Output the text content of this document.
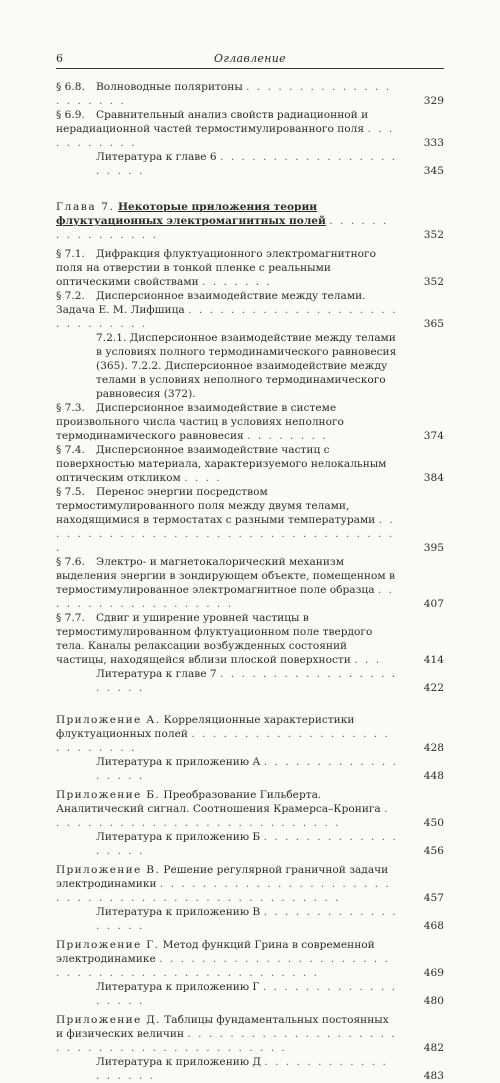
6	Оглавление
§ 6.8. Волноводные поляритоны . . . . . . . . . . . . . . . . . . . . .	329
§ 6.9. Сравнительный анализ свойств радиационной и нерадиационной частей термостимулированного поля . . . . . . . . . . .	333
Литература к главе 6 . . . . . . . . . . . . . . . . . . . . . .	345
Глава 7. Некоторые приложения теории флуктуационных электромагнитных полей . . . . . . . . . . . . . . . .	352
§ 7.1. Дифракция флуктуационного электромагнитного поля на отверстии в тонкой пленке с реальными оптическими свойствами . . . . . . .	352
§ 7.2. Дисперсионное взаимодействие между телами. Задача Е. М. Лифшица . . . . . . . . . . . . . . . . . . . . . . . . . . . . .	365
7.2.1. Дисперсионное взаимодействие между телами в условиях полного термодинамического равновесия (365). 7.2.2. Дисперсионное взаимодействие между телами в условиях неполного термодинамического равновесия (372).
§ 7.3. Дисперсионное взаимодействие в системе произвольного числа частиц в условиях неполного термодинамического равновесия . . . . . . . .	374
§ 7.4. Дисперсионное взаимодействие частиц с поверхностью материала, характеризуемого нелокальным оптическим откликом . . . .	384
§ 7.5. Перенос энергии посредством термостимулированного поля между двумя телами, находящимися в термостатах с разными температурами . . . . . . . . . . . . . . . . . . . . . . . . . . . . . . . . . . .	395
§ 7.6. Электро- и магнетокалорический механизм выделения энергии в зондирующем объекте, помещенном в термостимулированное электромагнитное поле образца . . . . . . . . . . . . . . . . . . .	407
§ 7.7. Сдвиг и уширение уровней частицы в термостимулированном флуктуационном поле твердого тела. Каналы релаксации возбужденных состояний частицы, находящейся вблизи плоской поверхности . . .	414
Литература к главе 7 . . . . . . . . . . . . . . . . . . . . . .	422
Приложение А. Корреляционные характеристики флуктуационных полей . . . . . . . . . . . . . . . . . . . . . . . . . . .	428
Литература к приложению А . . . . . . . . . . . . . . . . . .	448
Приложение Б. Преобразование Гильберта. Аналитический сигнал. Соотношения Крамерса–Кронига . . . . . . . . . . . . . . . . . . . . . . . . . . . .	450
Литература к приложению Б . . . . . . . . . . . . . . . . . .	456
Приложение В. Решение регулярной граничной задачи электродинамики . . . . . . . . . . . . . . . . . . . . . . . . . . . . . . . . . . . . . . . . . . . . . . . . .	457
Литература к приложению В . . . . . . . . . . . . . . . . . .	468
Приложение Г. Метод функций Грина в современной электродинамике . . . . . . . . . . . . . . . . . . . . . . . . . . . . . . . . . . . . . . . . . . . . . . .	469
Литература к приложению Г . . . . . . . . . . . . . . . . . .	480
Приложение Д. Таблицы фундаментальных постоянных и физических величин . . . . . . . . . . . . . . . . . . . . . . . . . . . . . . . . . . . . . . . . . .	482
Литература к приложению Д . . . . . . . . . . . . . . . . . .	483
